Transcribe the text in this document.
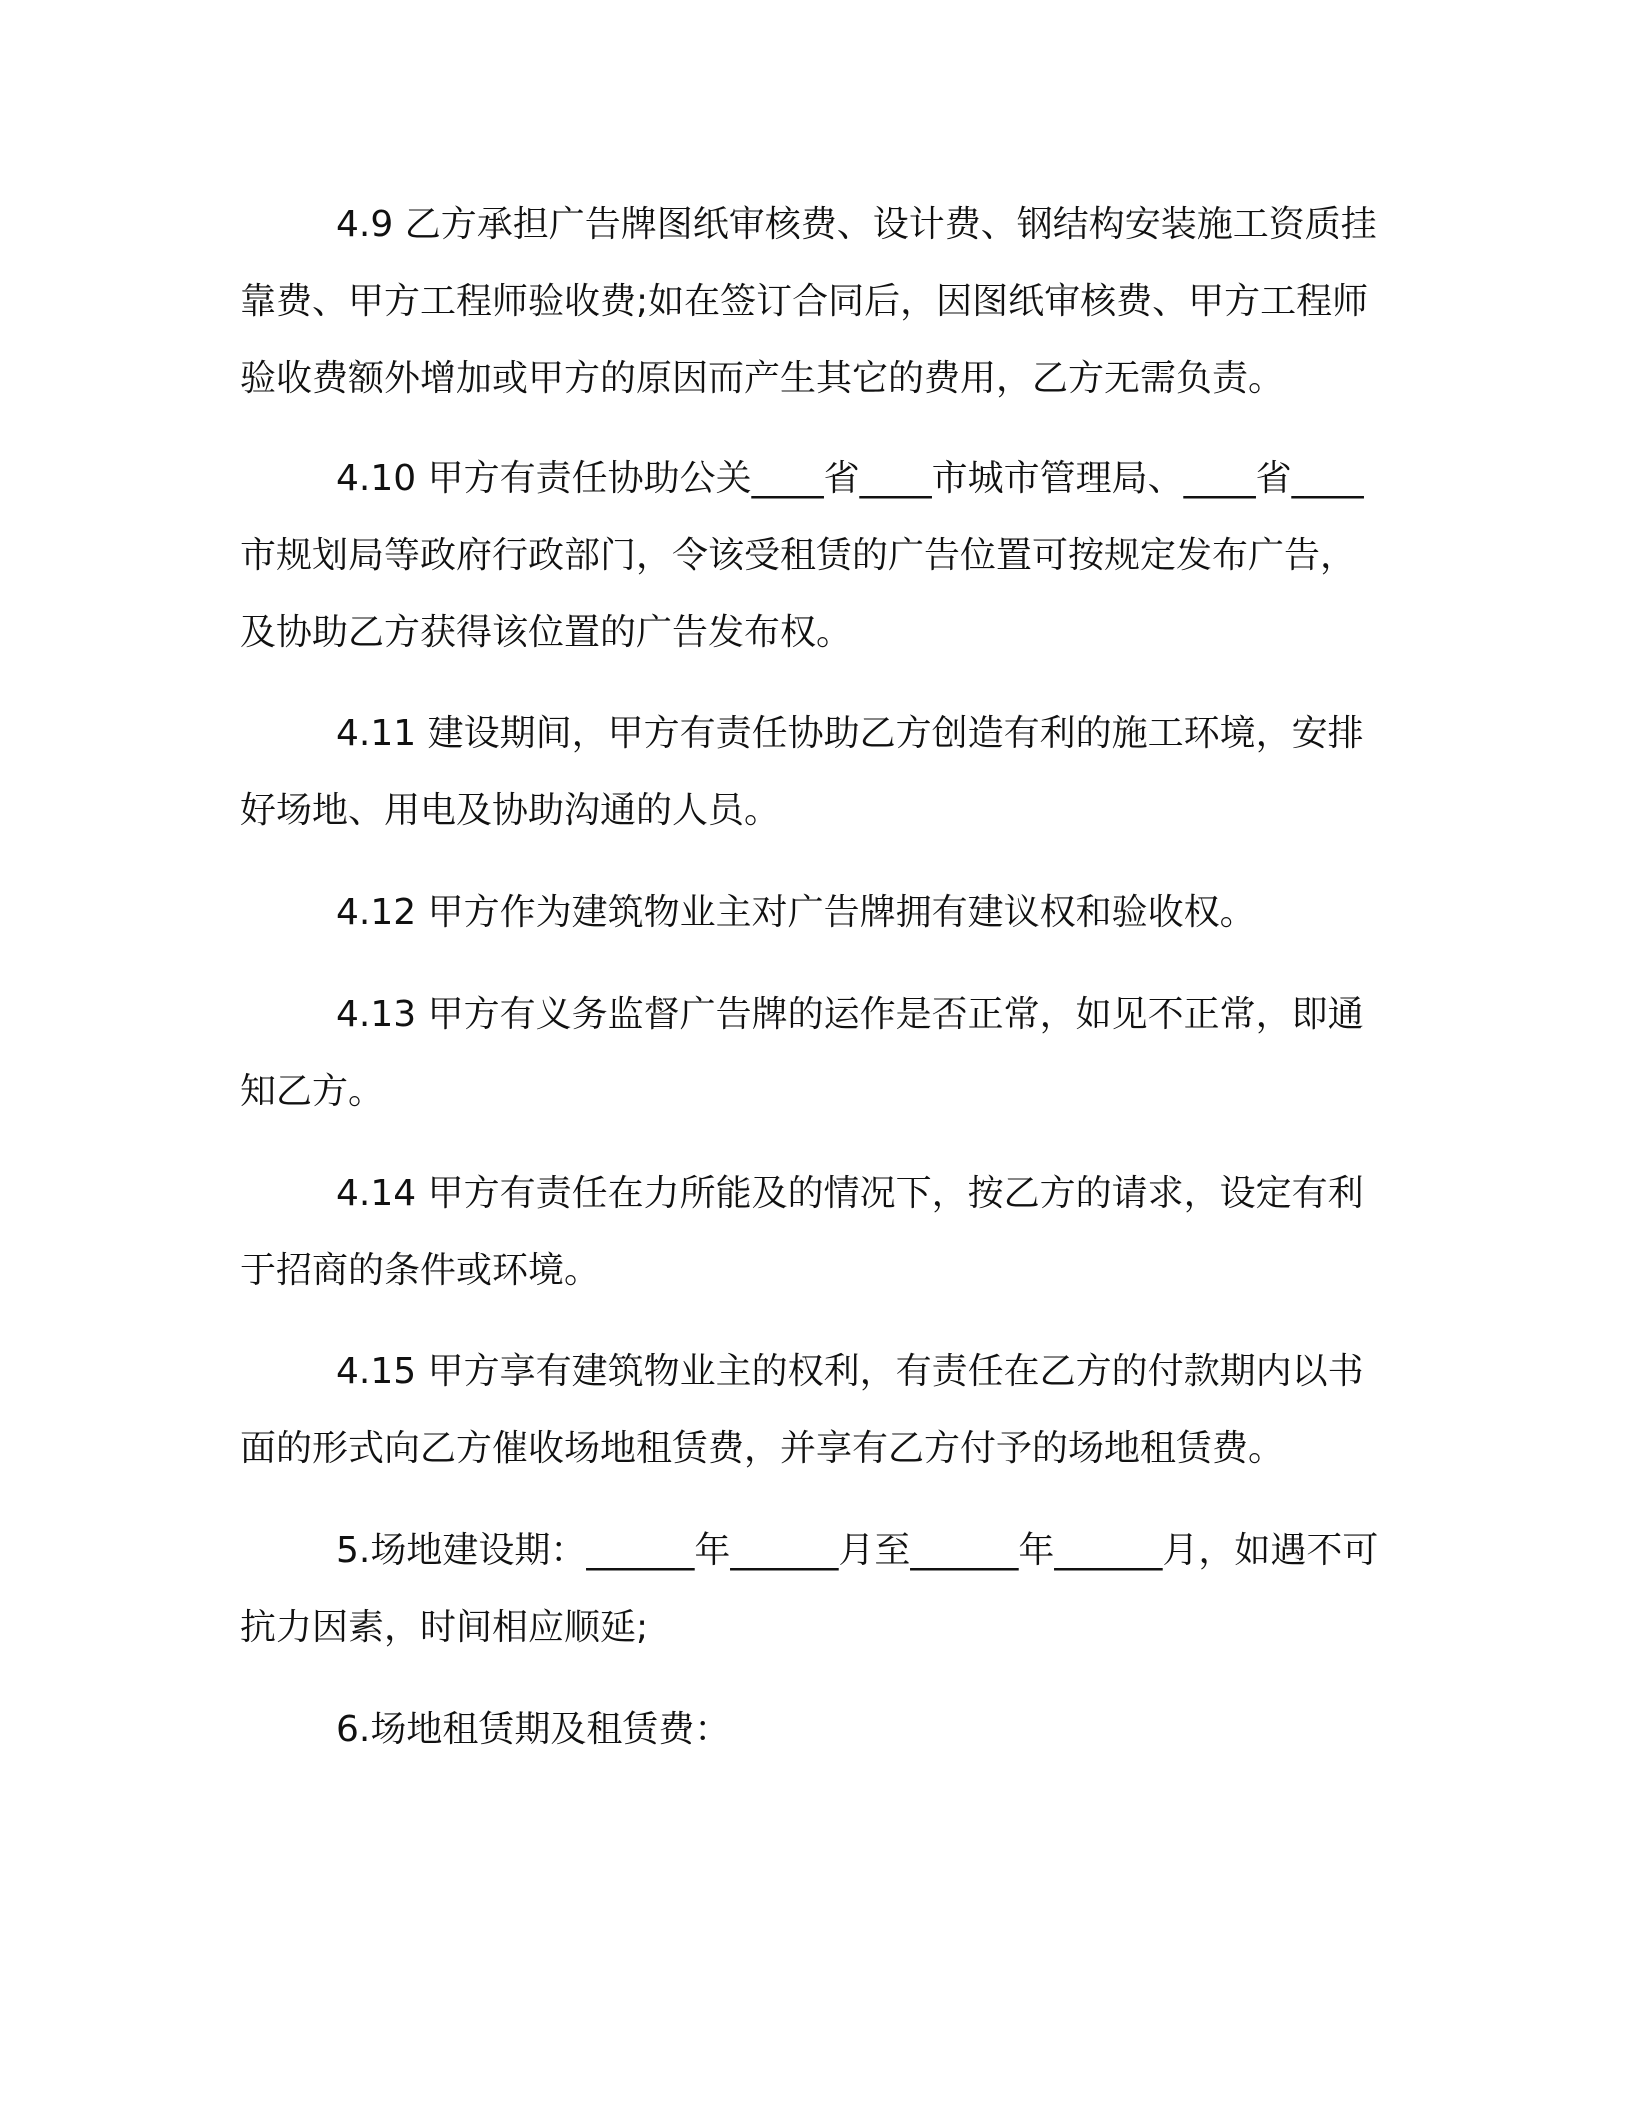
4.9 乙方承担广告牌图纸审核费、设计费、钢结构安装施工资质挂靠费、甲方工程师验收费;如在签订合同后，因图纸审核费、甲方工程师验收费额外增加或甲方的原因而产生其它的费用，乙方无需负责。

4.10 甲方有责任协助公关____省____市城市管理局、____省____市规划局等政府行政部门，令该受租赁的广告位置可按规定发布广告，及协助乙方获得该位置的广告发布权。

4.11 建设期间，甲方有责任协助乙方创造有利的施工环境，安排好场地、用电及协助沟通的人员。

4.12 甲方作为建筑物业主对广告牌拥有建议权和验收权。

4.13 甲方有义务监督广告牌的运作是否正常，如见不正常，即通知乙方。

4.14 甲方有责任在力所能及的情况下，按乙方的请求，设定有利于招商的条件或环境。

4.15 甲方享有建筑物业主的权利，有责任在乙方的付款期内以书面的形式向乙方催收场地租赁费，并享有乙方付予的场地租赁费。

5.场地建设期：______年______月至______年______月，如遇不可抗力因素，时间相应顺延;

6.场地租赁期及租赁费：
